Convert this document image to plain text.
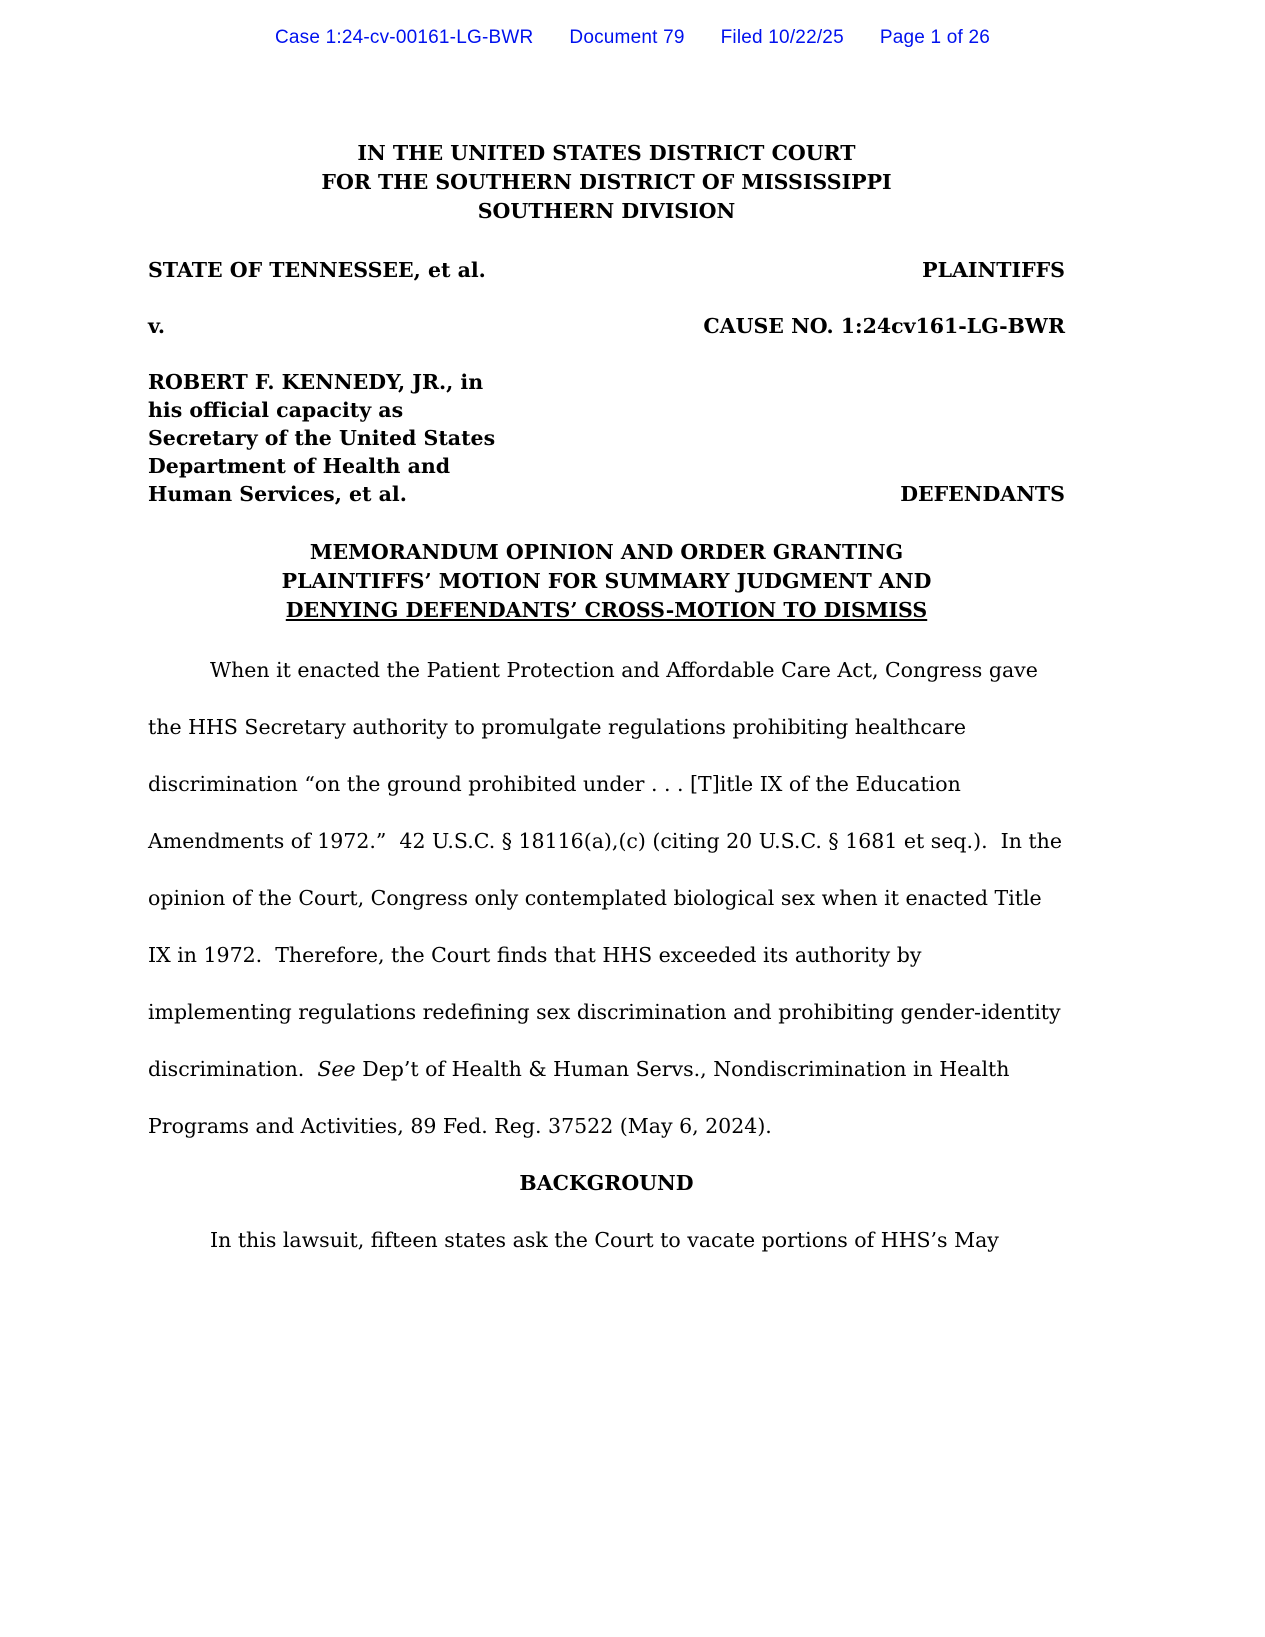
Case 1:24-cv-00161-LG-BWR Document 79 Filed 10/22/25 Page 1 of 26
IN THE UNITED STATES DISTRICT COURT
FOR THE SOUTHERN DISTRICT OF MISSISSIPPI
SOUTHERN DIVISION
STATE OF TENNESSEE, et al.	PLAINTIFFS
v.	CAUSE NO. 1:24cv161-LG-BWR
ROBERT F. KENNEDY, JR., in
his official capacity as
Secretary of the United States
Department of Health and
Human Services, et al.	DEFENDANTS
MEMORANDUM OPINION AND ORDER GRANTING
PLAINTIFFS’ MOTION FOR SUMMARY JUDGMENT AND
DENYING DEFENDANTS’ CROSS-MOTION TO DISMISS

When it enacted the Patient Protection and Affordable Care Act, Congress gave the HHS Secretary authority to promulgate regulations prohibiting healthcare discrimination “on the ground prohibited under . . . [T]itle IX of the Education Amendments of 1972.”  42 U.S.C. § 18116(a),(c) (citing 20 U.S.C. § 1681 et seq.).  In the opinion of the Court, Congress only contemplated biological sex when it enacted Title IX in 1972.  Therefore, the Court finds that HHS exceeded its authority by implementing regulations redefining sex discrimination and prohibiting gender-identity discrimination.  See Dep’t of Health & Human Servs., Nondiscrimination in Health Programs and Activities, 89 Fed. Reg. 37522 (May 6, 2024).

BACKGROUND

In this lawsuit, fifteen states ask the Court to vacate portions of HHS’s May
